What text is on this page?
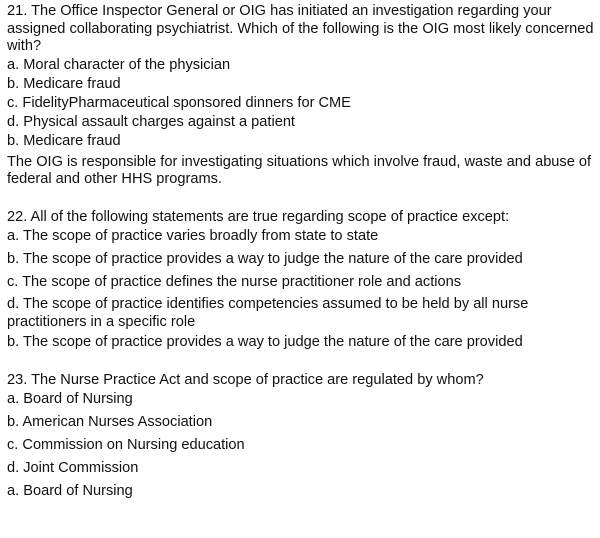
21. The Office Inspector General or OIG has initiated an investigation regarding your assigned collaborating psychiatrist. Which of the following is the OIG most likely concerned with?
a. Moral character of the physician
b. Medicare fraud
c. FidelityPharmaceutical sponsored dinners for CME
d. Physical assault charges against a patient
b. Medicare fraud
The OIG is responsible for investigating situations which involve fraud, waste and abuse of federal and other HHS programs.
22. All of the following statements are true regarding scope of practice except:
a. The scope of practice varies broadly from state to state
b. The scope of practice provides a way to judge the nature of the care provided
c. The scope of practice defines the nurse practitioner role and actions
d. The scope of practice identifies competencies assumed to be held by all nurse practitioners in a specific role
b. The scope of practice provides a way to judge the nature of the care provided
23. The Nurse Practice Act and scope of practice are regulated by whom?
a. Board of Nursing
b. American Nurses Association
c. Commission on Nursing education
d. Joint Commission
a. Board of Nursing
